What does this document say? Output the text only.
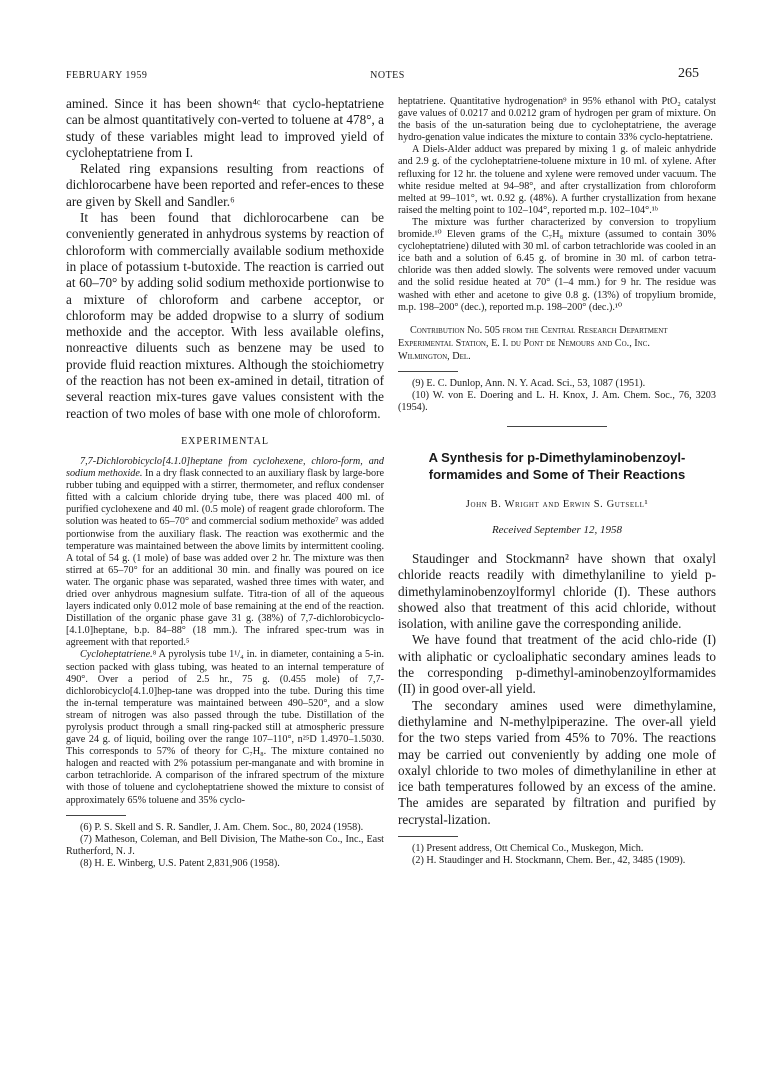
FEBRUARY 1959	NOTES	265

amined. Since it has been shown⁴ᶜ that cyclo-heptatriene can be almost quantitatively con-verted to toluene at 478°, a study of these variables might lead to improved yield of cycloheptatriene from I.

Related ring expansions resulting from reactions of dichlorocarbene have been reported and refer-ences to these are given by Skell and Sandler.⁶

It has been found that dichlorocarbene can be conveniently generated in anhydrous systems by reaction of chloroform with commercially available sodium methoxide in place of potassium t-butoxide. The reaction is carried out at 60–70° by adding solid sodium methoxide portionwise to a mixture of chloroform and carbene acceptor, or chloroform may be added dropwise to a slurry of sodium methoxide and the acceptor. With less available olefins, nonreactive diluents such as benzene may be used to provide fluid reaction mixtures. Although the stoichiometry of the reaction has not been ex-amined in detail, titration of several reaction mix-tures gave values consistent with the reaction of two moles of base with one mole of chloroform.

EXPERIMENTAL

7,7-Dichlorobicyclo[4.1.0]heptane from cyclohexene, chloro-form, and sodium methoxide. In a dry flask connected to an auxiliary flask by large-bore rubber tubing and equipped with a stirrer, thermometer, and reflux condenser fitted with a calcium chloride drying tube, there was placed 400 ml. of purified cyclohexene and 40 ml. (0.5 mole) of reagent grade chloroform. The solution was heated to 65–70° and commercial sodium methoxide⁷ was added portionwise from the auxiliary flask. The reaction was exothermic and the temperature was maintained between the above limits by intermittent cooling. A total of 54 g. (1 mole) of base was added over 2 hr. The mixture was then stirred at 65–70° for an additional 30 min. and finally was poured on ice water. The organic phase was separated, washed three times with water, and dried over anhydrous magnesium sulfate. Titra-tion of all of the aqueous layers indicated only 0.012 mole of base remaining at the end of the reaction. Distillation of the organic phase gave 31 g. (38%) of 7,7-dichlorobicyclo-[4.1.0]heptane, b.p. 84–88° (18 mm.). The infrared spec-trum was in agreement with that reported.⁵

Cycloheptatriene.⁸ A pyrolysis tube 1¹/₄ in. in diameter, containing a 5-in. section packed with glass tubing, was heated to an internal temperature of 490°. Over a period of 2.5 hr., 75 g. (0.455 mole) of 7,7-dichlorobicyclo[4.1.0]hep-tane was dropped into the tube. During this time the in-ternal temperature was maintained between 490–520°, and a slow stream of nitrogen was also passed through the tube. Distillation of the pyrolysis product through a small ring-packed still at atmospheric pressure gave 24 g. of liquid, boiling over the range 107–110°, n²⁵D 1.4970–1.5030. This corresponds to 57% of theory for C₇H₈. The mixture contained no halogen and reacted with 2% potassium per-manganate and with bromine in carbon tetrachloride. A comparison of the infrared spectrum of the mixture with those of toluene and cycloheptatriene showed the mixture to consist of approximately 65% toluene and 35% cyclo-

(6) P. S. Skell and S. R. Sandler, J. Am. Chem. Soc., 80, 2024 (1958).

(7) Matheson, Coleman, and Bell Division, The Mathe-son Co., Inc., East Rutherford, N. J.

(8) H. E. Winberg, U.S. Patent 2,831,906 (1958).

heptatriene. Quantitative hydrogenation⁹ in 95% ethanol with PtO₂ catalyst gave values of 0.0217 and 0.0212 gram of hydrogen per gram of mixture. On the basis of the un-saturation being due to cycloheptatriene, the average hydro-genation value indicates the mixture to contain 33% cyclo-heptatriene.

A Diels-Alder adduct was prepared by mixing 1 g. of maleic anhydride and 2.9 g. of the cycloheptatriene-toluene mixture in 10 ml. of xylene. After refluxing for 12 hr. the toluene and xylene were removed under vacuum. The white residue melted at 94–98°, and after crystallization from chloroform melted at 99–101°, wt. 0.92 g. (48%). A further crystallization from hexane raised the melting point to 102–104°, reported m.p. 102–104°.¹ᵇ

The mixture was further characterized by conversion to tropylium bromide.¹⁰ Eleven grams of the C₇H₈ mixture (assumed to contain 30% cycloheptatriene) diluted with 30 ml. of carbon tetrachloride was cooled in an ice bath and a solution of 6.45 g. of bromine in 30 ml. of carbon tetra-chloride was then added slowly. The solvents were removed under vacuum and the solid residue heated at 70° (1–4 mm.) for 9 hr. The residue was washed with ether and acetone to give 0.8 g. (13%) of tropylium bromide, m.p. 198–200° (dec.), reported m.p. 198–200° (dec.).¹⁰

Contribution No. 505 from the Central Research Department
Experimental Station, E. I. du Pont de Nemours and Co., Inc.
Wilmington, Del.

(9) E. C. Dunlop, Ann. N. Y. Acad. Sci., 53, 1087 (1951).

(10) W. von E. Doering and L. H. Knox, J. Am. Chem. Soc., 76, 3203 (1954).

A Synthesis for p-Dimethylaminobenzoyl-formamides and Some of Their Reactions
John B. Wright and Erwin S. Gutsell¹
Received September 12, 1958

Staudinger and Stockmann² have shown that oxalyl chloride reacts readily with dimethylaniline to yield p-dimethylaminobenzoylformyl chloride (I). These authors showed also that treatment of this acid chloride, without isolation, with aniline gave the corresponding anilide.

We have found that treatment of the acid chlo-ride (I) with aliphatic or cycloaliphatic secondary amines leads to the corresponding p-dimethyl-aminobenzoylformamides (II) in good over-all yield.

The secondary amines used were dimethylamine, diethylamine and N-methylpiperazine. The over-all yield for the two steps varied from 45% to 70%. The reactions may be carried out conveniently by adding one mole of oxalyl chloride to two moles of dimethylaniline in ether at ice bath temperatures followed by an excess of the amine. The amides are separated by filtration and purified by recrystal-lization.

(1) Present address, Ott Chemical Co., Muskegon, Mich.

(2) H. Staudinger and H. Stockmann, Chem. Ber., 42, 3485 (1909).
